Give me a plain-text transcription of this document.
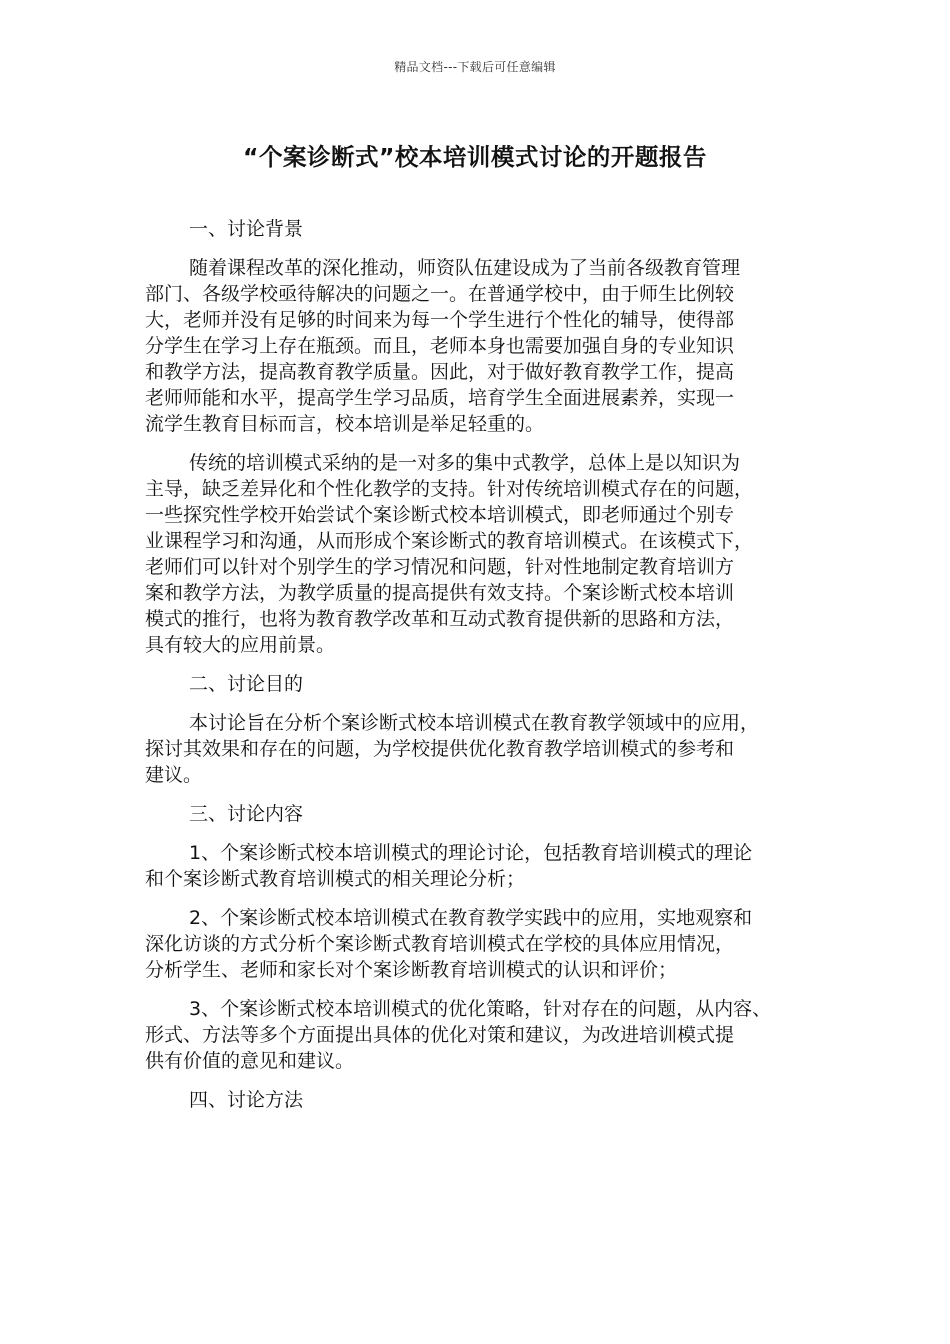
精品文档---下载后可任意编辑
“个案诊断式”校本培训模式讨论的开题报告
一、讨论背景
随着课程改革的深化推动，师资队伍建设成为了当前各级教育管理
部门、各级学校亟待解决的问题之一。在普通学校中，由于师生比例较
大，老师并没有足够的时间来为每一个学生进行个性化的辅导，使得部
分学生在学习上存在瓶颈。而且，老师本身也需要加强自身的专业知识
和教学方法，提高教育教学质量。因此，对于做好教育教学工作，提高
老师师能和水平，提高学生学习品质，培育学生全面进展素养，实现一
流学生教育目标而言，校本培训是举足轻重的。
传统的培训模式采纳的是一对多的集中式教学，总体上是以知识为
主导，缺乏差异化和个性化教学的支持。针对传统培训模式存在的问题，
一些探究性学校开始尝试个案诊断式校本培训模式，即老师通过个别专
业课程学习和沟通，从而形成个案诊断式的教育培训模式。在该模式下，
老师们可以针对个别学生的学习情况和问题，针对性地制定教育培训方
案和教学方法，为教学质量的提高提供有效支持。个案诊断式校本培训
模式的推行，也将为教育教学改革和互动式教育提供新的思路和方法，
具有较大的应用前景。
二、讨论目的
本讨论旨在分析个案诊断式校本培训模式在教育教学领域中的应用，
探讨其效果和存在的问题，为学校提供优化教育教学培训模式的参考和
建议。
三、讨论内容
1、个案诊断式校本培训模式的理论讨论，包括教育培训模式的理论
和个案诊断式教育培训模式的相关理论分析；
2、个案诊断式校本培训模式在教育教学实践中的应用，实地观察和
深化访谈的方式分析个案诊断式教育培训模式在学校的具体应用情况，
分析学生、老师和家长对个案诊断教育培训模式的认识和评价；
3、个案诊断式校本培训模式的优化策略，针对存在的问题，从内容、
形式、方法等多个方面提出具体的优化对策和建议，为改进培训模式提
供有价值的意见和建议。
四、讨论方法
